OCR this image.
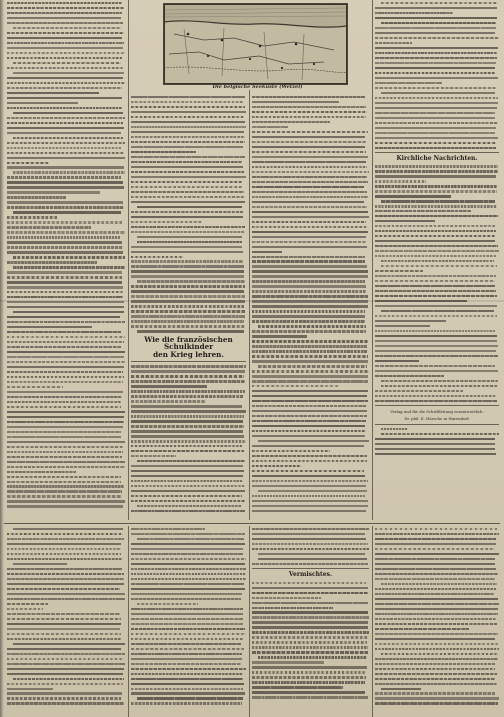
Die belgische Seeküste (Wetzel)
Wie die französischen Schulkinder
den Krieg lehren.
Kirchliche Nachrichten.
Verlag und für die Schriftleitung verantwortlich:
Dr. phil. E. Hörsche in Warendorf.
Vermischtes.
